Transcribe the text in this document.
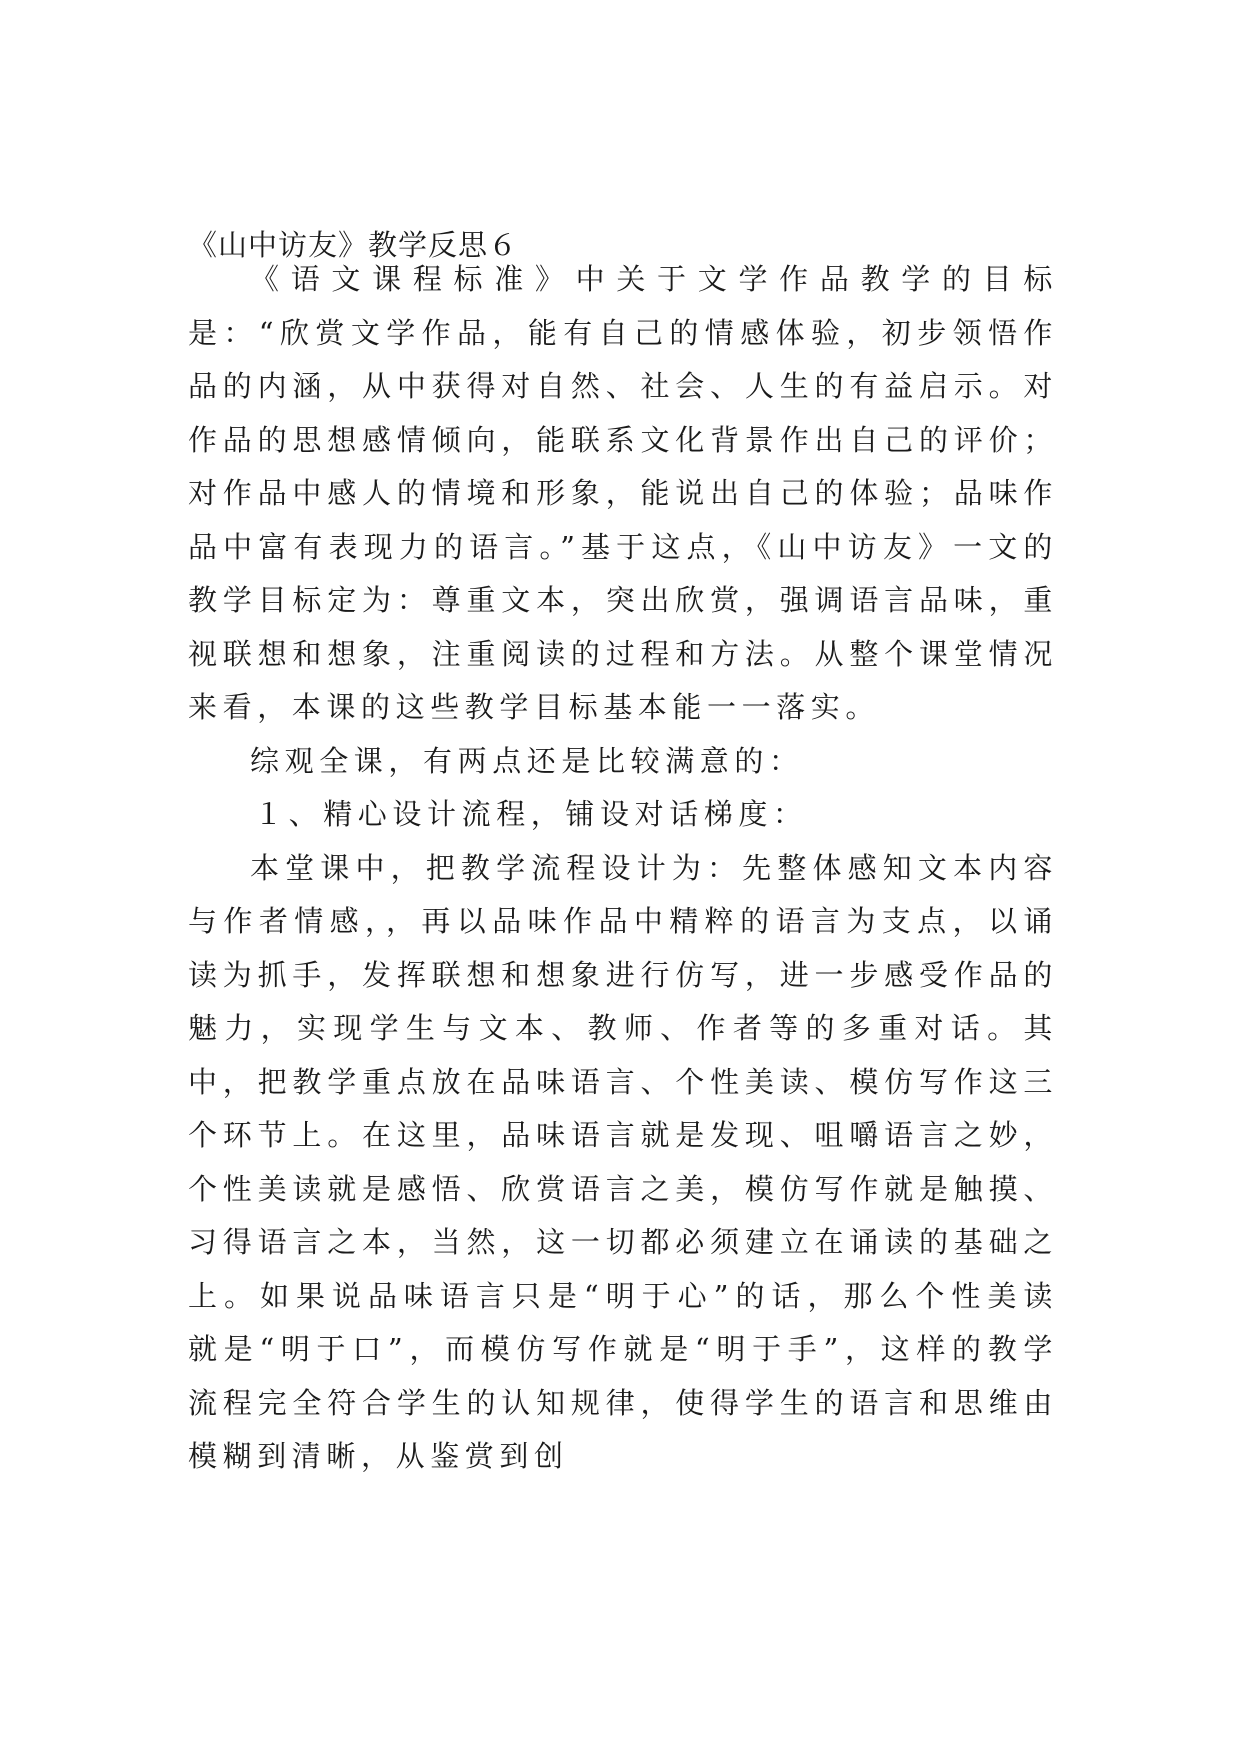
《山中访友》教学反思６

《语文课程标准》中关于文学作品教学的目标是：“欣赏文学作品，能有自己的情感体验，初步领悟作品的内涵，从中获得对自然、社会、人生的有益启示。对作品的思想感情倾向，能联系文化背景作出自己的评价；对作品中感人的情境和形象，能说出自己的体验；品味作品中富有表现力的语言。”基于这点，《山中访友》一文的教学目标定为：尊重文本，突出欣赏，强调语言品味，重视联想和想象，注重阅读的过程和方法。从整个课堂情况来看，本课的这些教学目标基本能一一落实。

综观全课，有两点还是比较满意的：

１、精心设计流程，铺设对话梯度：

本堂课中，把教学流程设计为：先整体感知文本内容与作者情感，，再以品味作品中精粹的语言为支点，以诵读为抓手，发挥联想和想象进行仿写，进一步感受作品的魅力，实现学生与文本、教师、作者等的多重对话。其中，把教学重点放在品味语言、个性美读、模仿写作这三个环节上。在这里，品味语言就是发现、咀嚼语言之妙，个性美读就是感悟、欣赏语言之美，模仿写作就是触摸、习得语言之本，当然，这一切都必须建立在诵读的基础之上。如果说品味语言只是“明于心”的话，那么个性美读就是“明于口”，而模仿写作就是“明于手”，这样的教学流程完全符合学生的认知规律，使得学生的语言和思维由模糊到清晰，从鉴赏到创
